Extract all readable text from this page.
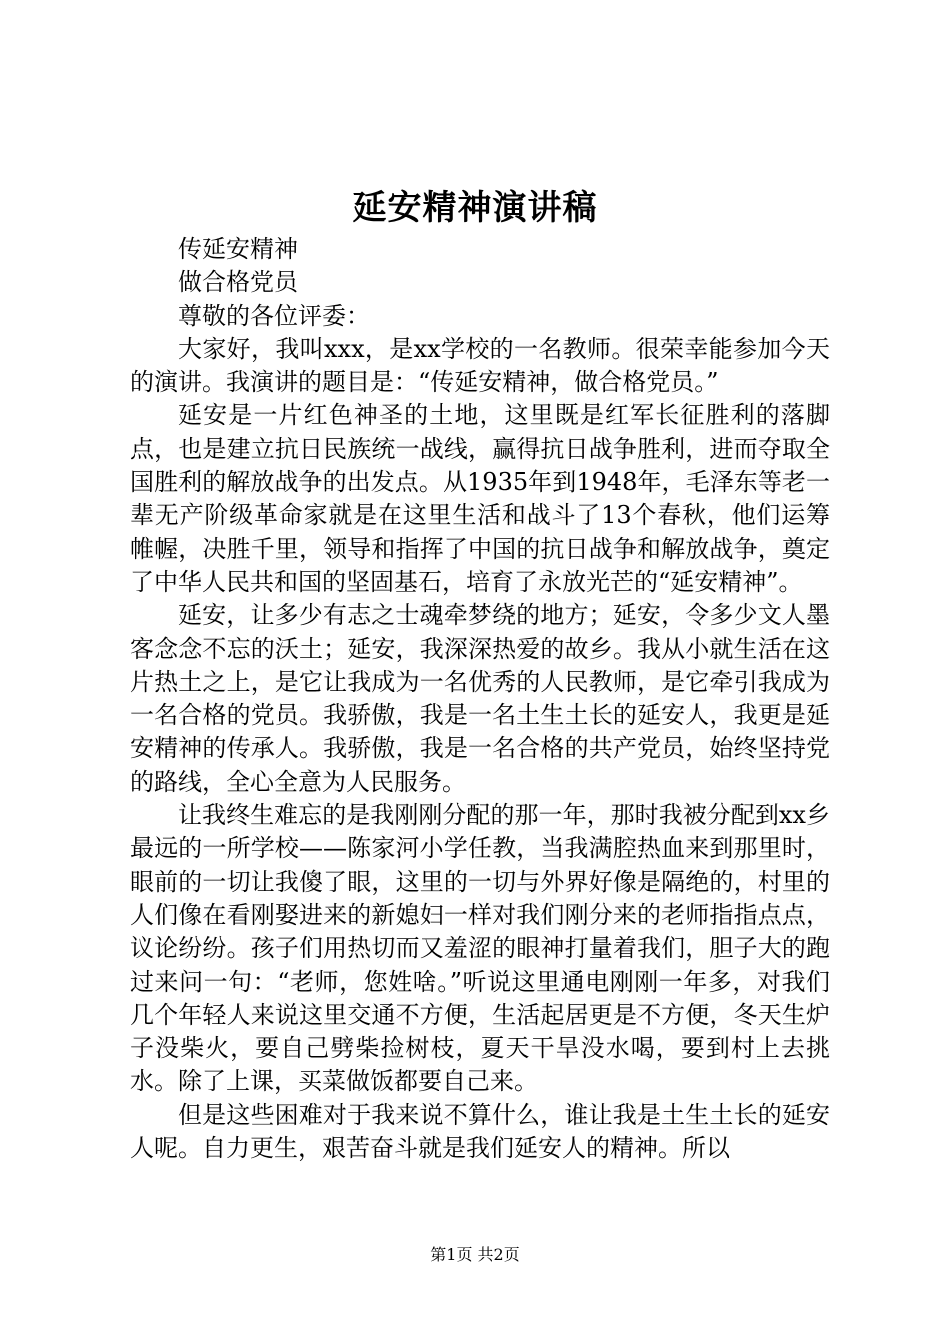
延安精神演讲稿

传延安精神

做合格党员

尊敬的各位评委：

大家好，我叫xxx，是xx学校的一名教师。很荣幸能参加今天的演讲。我演讲的题目是：“传延安精神，做合格党员。”

延安是一片红色神圣的土地，这里既是红军长征胜利的落脚点，也是建立抗日民族统一战线，赢得抗日战争胜利，进而夺取全国胜利的解放战争的出发点。从1935年到1948年，毛泽东等老一辈无产阶级革命家就是在这里生活和战斗了13个春秋，他们运筹帷幄，决胜千里，领导和指挥了中国的抗日战争和解放战争，奠定了中华人民共和国的坚固基石，培育了永放光芒的“延安精神”。

延安，让多少有志之士魂牵梦绕的地方；延安，令多少文人墨客念念不忘的沃土；延安，我深深热爱的故乡。我从小就生活在这片热土之上，是它让我成为一名优秀的人民教师，是它牵引我成为一名合格的党员。我骄傲，我是一名土生土长的延安人，我更是延安精神的传承人。我骄傲，我是一名合格的共产党员，始终坚持党的路线，全心全意为人民服务。

让我终生难忘的是我刚刚分配的那一年，那时我被分配到xx乡最远的一所学校——陈家河小学任教，当我满腔热血来到那里时，眼前的一切让我傻了眼，这里的一切与外界好像是隔绝的，村里的人们像在看刚娶进来的新媳妇一样对我们刚分来的老师指指点点，议论纷纷。孩子们用热切而又羞涩的眼神打量着我们，胆子大的跑过来问一句：“老师，您姓啥。”听说这里通电刚刚一年多，对我们几个年轻人来说这里交通不方便，生活起居更是不方便，冬天生炉子没柴火，要自己劈柴捡树枝，夏天干旱没水喝，要到村上去挑水。除了上课，买菜做饭都要自己来。

但是这些困难对于我来说不算什么，谁让我是土生土长的延安人呢。自力更生，艰苦奋斗就是我们延安人的精神。所以

第1页 共2页
